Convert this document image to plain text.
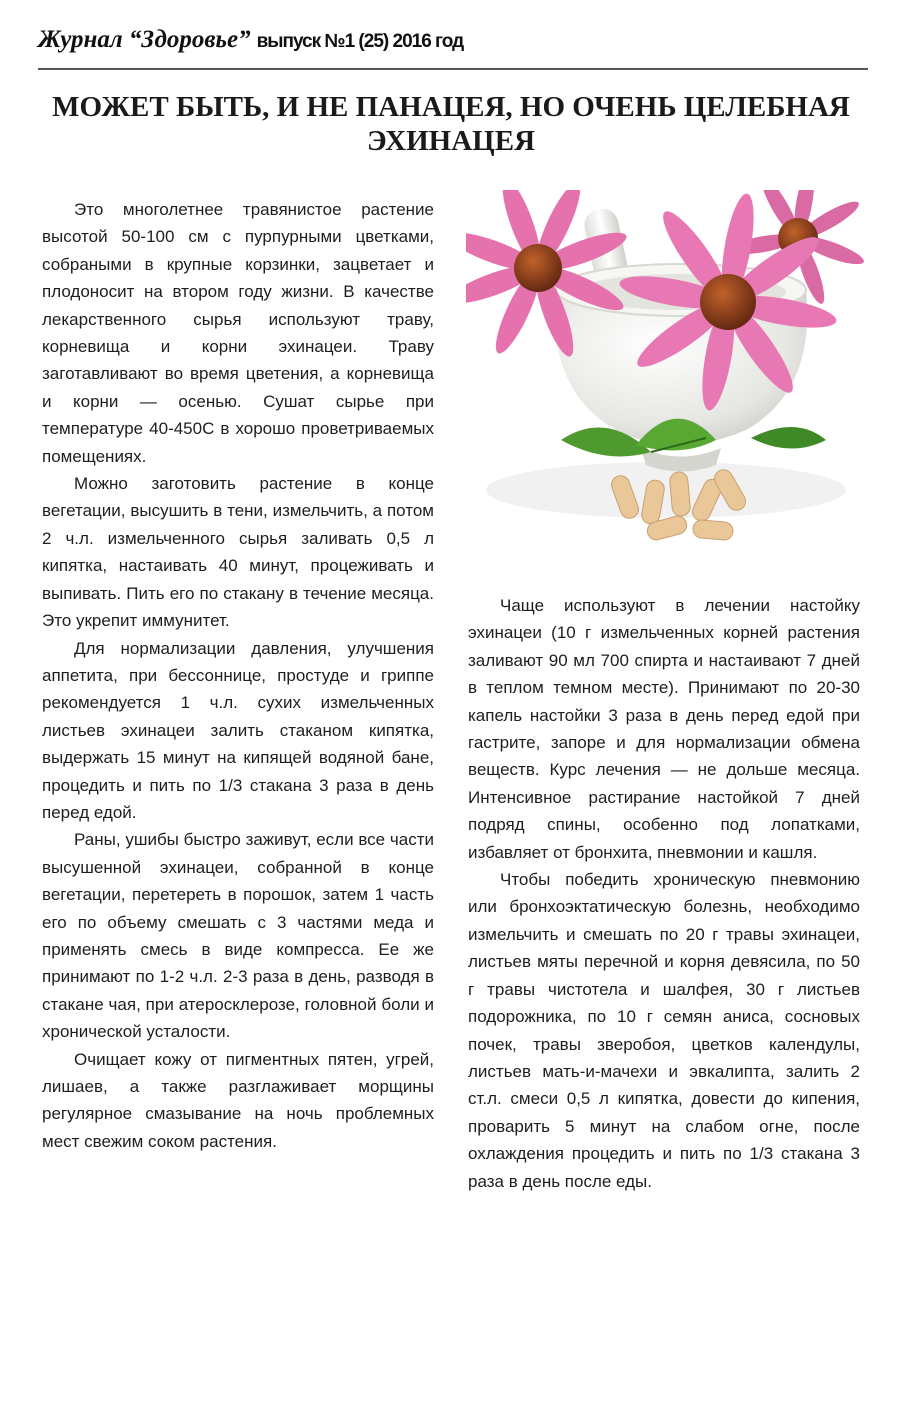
Журнал “Здоровье” выпуск №1 (25) 2016 год
МОЖЕТ БЫТЬ, И НЕ ПАНАЦЕЯ, НО ОЧЕНЬ ЦЕЛЕБНАЯ
ЭХИНАЦЕЯ

Это многолетнее травянистое растение высотой 50-100 см с пурпурными цветками, собраными в крупные корзинки, зацветает и плодоносит на втором году жизни. В качестве лекарственного сырья используют траву, корневища и корни эхинацеи. Траву заготавливают во время цветения, а корневища и корни — осенью. Сушат сырье при температуре 40-450С в хорошо проветриваемых помещениях.

Можно заготовить растение в конце вегетации, высушить в тени, измельчить, а потом 2 ч.л. измельченного сырья заливать 0,5 л кипятка, настаивать 40 минут, процеживать и выпивать. Пить его по стакану в течение месяца. Это укрепит иммунитет.

Для нормализации давления, улучшения аппетита, при бессоннице, простуде и гриппе рекомендуется 1 ч.л. сухих измельченных листьев эхинацеи залить стаканом кипятка, выдержать 15 минут на кипящей водяной бане, процедить и пить по 1/3 стакана 3 раза в день перед едой.

Раны, ушибы быстро заживут, если все части высушенной эхинацеи, собранной в конце вегетации, перетереть в порошок, затем 1 часть его по объему смешать с 3 частями меда и применять смесь в виде компресса. Ее же принимают по 1-2 ч.л. 2-3 раза в день, разводя в стакане чая, при атеросклерозе, головной боли и хронической усталости.

Очищает кожу от пигментных пятен, угрей, лишаев, а также разглаживает морщины регулярное смазывание на ночь проблемных мест свежим соком растения.

Чаще используют в лечении настойку эхинацеи (10 г измельченных корней растения заливают 90 мл 700 спирта и настаивают 7 дней в теплом темном месте). Принимают по 20-30 капель настойки 3 раза в день перед едой при гастрите, запоре и для нормализации обмена веществ. Курс лечения — не дольше месяца. Интенсивное растирание настойкой 7 дней подряд спины, особенно под лопатками, избавляет от бронхита, пневмонии и кашля.

Чтобы победить хроническую пневмонию или бронхоэктатическую болезнь, необходимо измельчить и смешать по 20 г травы эхинацеи, листьев мяты перечной и корня девясила, по 50 г травы чистотела и шалфея, 30 г листьев подорожника, по 10 г семян аниса, сосновых почек, травы зверобоя, цветков календулы, листьев мать-и-мачехи и эвкалипта, залить 2 ст.л. смеси 0,5 л кипятка, довести до кипения, проварить 5 минут на слабом огне, после охлаждения процедить и пить по 1/3 стакана 3 раза в день после еды.
